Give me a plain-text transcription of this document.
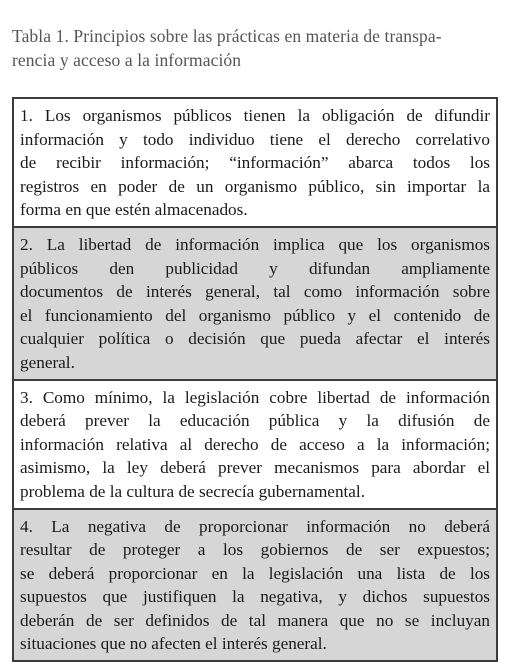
Tabla 1. Principios sobre las prácticas en materia de transpa-
rencia y acceso a la información
1. Los organismos públicos tienen la obligación de difundir
información y todo individuo tiene el derecho correlativo
de recibir información; “información” abarca todos los
registros en poder de un organismo público, sin importar la
forma en que estén almacenados.

2. La libertad de información implica que los organismos
públicos den publicidad y difundan ampliamente
documentos de interés general, tal como información sobre
el funcionamiento del organismo público y el contenido de
cualquier política o decisión que pueda afectar el interés
general.

3. Como mínimo, la legislación cobre libertad de información
deberá prever la educación pública y la difusión de
información relativa al derecho de acceso a la información;
asimismo, la ley deberá prever mecanismos para abordar el
problema de la cultura de secrecía gubernamental.

4. La negativa de proporcionar información no deberá
resultar de proteger a los gobiernos de ser expuestos;
se deberá proporcionar en la legislación una lista de los
supuestos que justifiquen la negativa, y dichos supuestos
deberán de ser definidos de tal manera que no se incluyan
situaciones que no afecten el interés general.
